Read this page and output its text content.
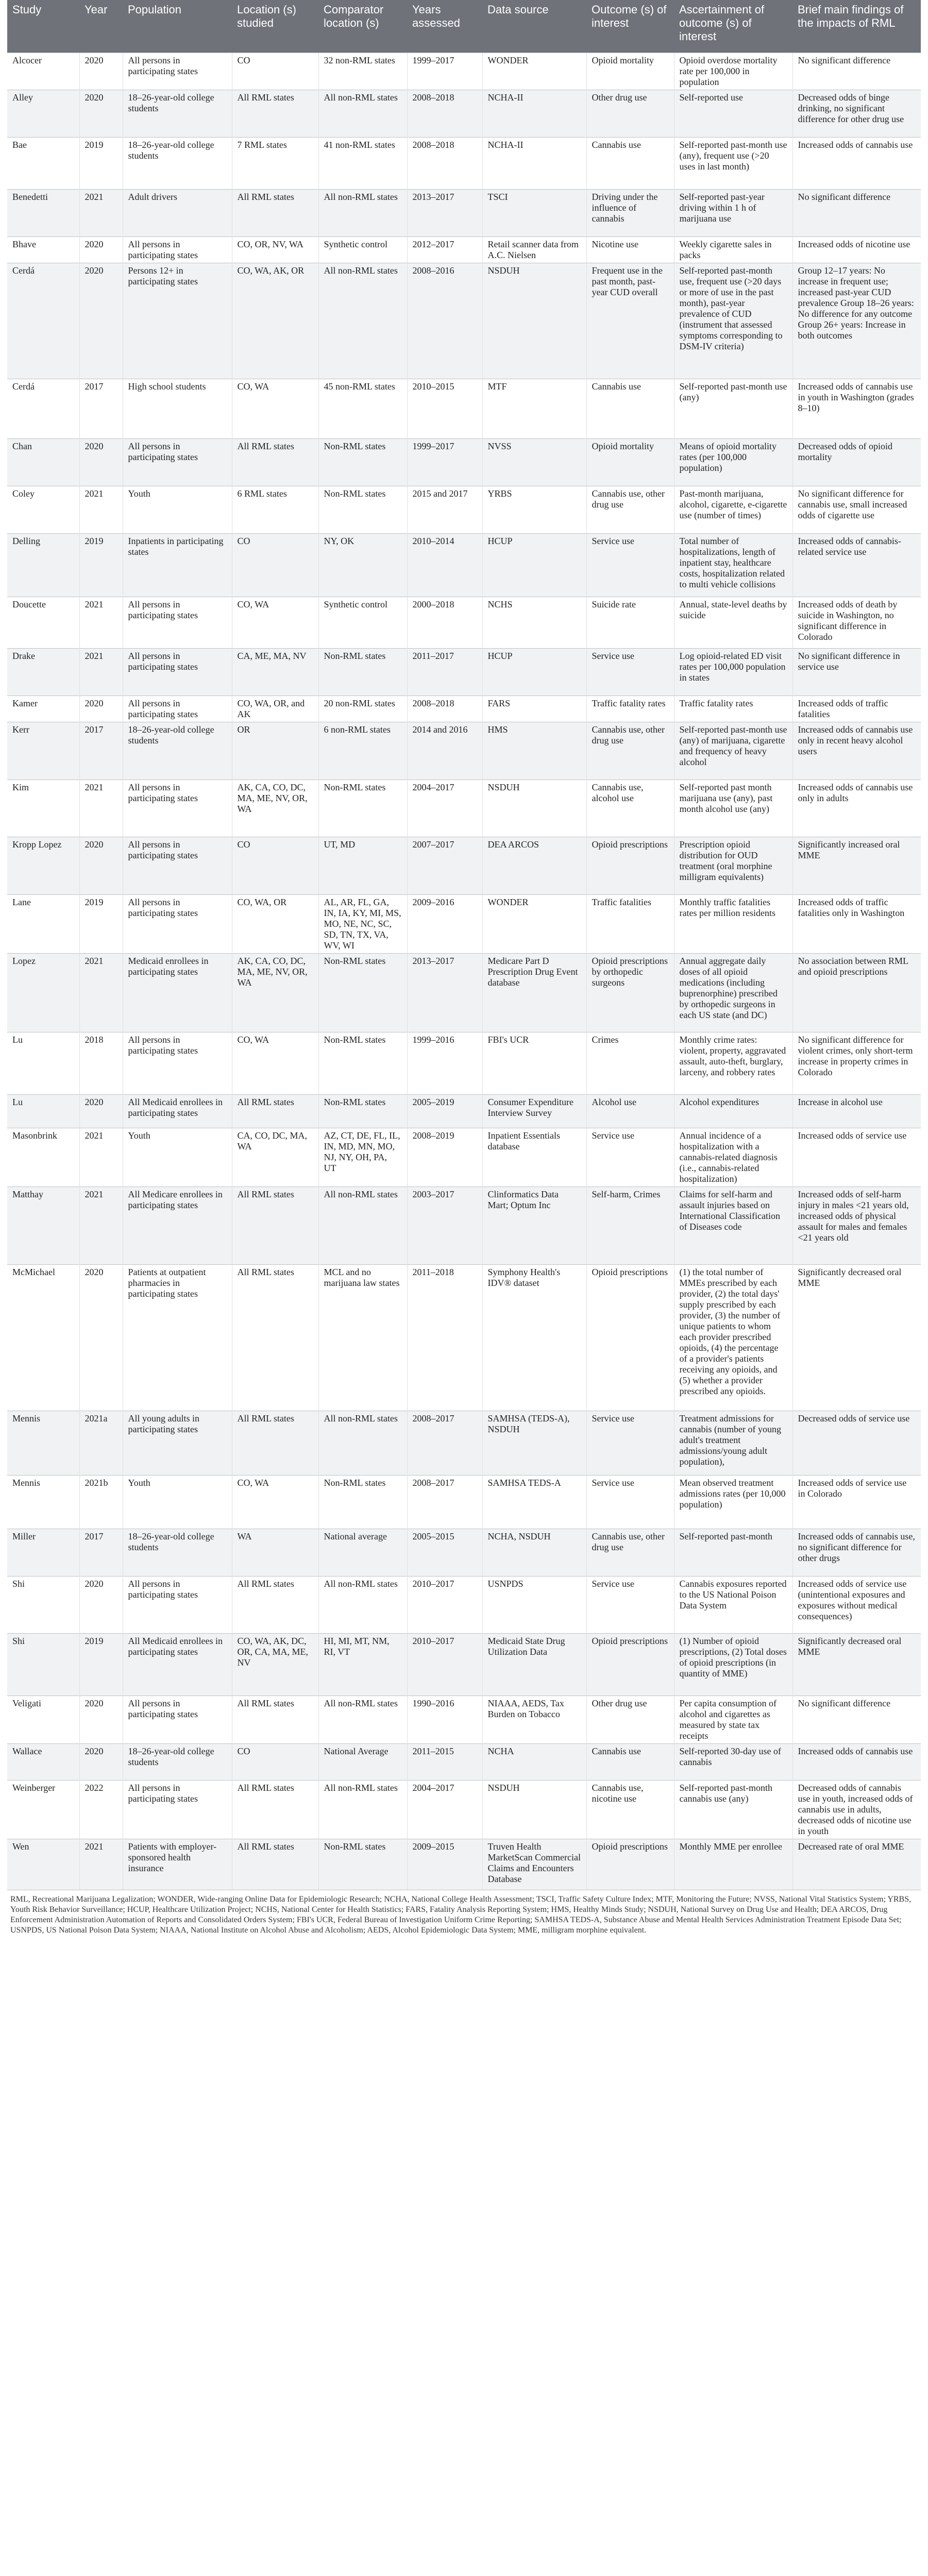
Study	Year	Population	Location (s) studied	Comparator location (s)	Years assessed	Data source	Outcome (s) of interest	Ascertainment of outcome (s) of interest	Brief main findings of the impacts of RML
Alcocer	2020	All persons in participating states	CO	32 non-RML states	1999–2017	WONDER	Opioid mortality	Opioid overdose mortality rate per 100,000 in population	No significant difference
Alley	2020	18–26-year-old college students	All RML states	All non-RML states	2008–2018	NCHA-II	Other drug use	Self-reported use	Decreased odds of binge drinking, no significant difference for other drug use
Bae	2019	18–26-year-old college students	7 RML states	41 non-RML states	2008–2018	NCHA-II	Cannabis use	Self-reported past-month use (any), frequent use (>20 uses in last month)	Increased odds of cannabis use
Benedetti	2021	Adult drivers	All RML states	All non-RML states	2013–2017	TSCI	Driving under the influence of cannabis	Self-reported past-year driving within 1 h of marijuana use	No significant difference
Bhave	2020	All persons in participating states	CO, OR, NV, WA	Synthetic control	2012–2017	Retail scanner data from A.C. Nielsen	Nicotine use	Weekly cigarette sales in packs	Increased odds of nicotine use
Cerdá	2020	Persons 12+ in participating states	CO, WA, AK, OR	All non-RML states	2008–2016	NSDUH	Frequent use in the past month, past-year CUD overall	Self-reported past-month use, frequent use (>20 days or more of use in the past month), past-year prevalence of CUD (instrument that assessed symptoms corresponding to DSM-IV criteria)	Group 12–17 years: No increase in frequent use; increased past-year CUD prevalence Group 18–26 years: No difference for any outcome Group 26+ years: Increase in both outcomes
Cerdá	2017	High school students	CO, WA	45 non-RML states	2010–2015	MTF	Cannabis use	Self-reported past-month use (any)	Increased odds of cannabis use in youth in Washington (grades 8–10)
Chan	2020	All persons in participating states	All RML states	Non-RML states	1999–2017	NVSS	Opioid mortality	Means of opioid mortality rates (per 100,000 population)	Decreased odds of opioid mortality
Coley	2021	Youth	6 RML states	Non-RML states	2015 and 2017	YRBS	Cannabis use, other drug use	Past-month marijuana, alcohol, cigarette, e-cigarette use (number of times)	No significant difference for cannabis use, small increased odds of cigarette use
Delling	2019	Inpatients in participating states	CO	NY, OK	2010–2014	HCUP	Service use	Total number of hospitalizations, length of inpatient stay, healthcare costs, hospitalization related to multi vehicle collisions	Increased odds of cannabis-related service use
Doucette	2021	All persons in participating states	CO, WA	Synthetic control	2000–2018	NCHS	Suicide rate	Annual, state-level deaths by suicide	Increased odds of death by suicide in Washington, no significant difference in Colorado
Drake	2021	All persons in participating states	CA, ME, MA, NV	Non-RML states	2011–2017	HCUP	Service use	Log opioid-related ED visit rates per 100,000 population in states	No significant difference in service use
Kamer	2020	All persons in participating states	CO, WA, OR, and AK	20 non-RML states	2008–2018	FARS	Traffic fatality rates	Traffic fatality rates	Increased odds of traffic fatalities
Kerr	2017	18–26-year-old college students	OR	6 non-RML states	2014 and 2016	HMS	Cannabis use, other drug use	Self-reported past-month use (any) of marijuana, cigarette and frequency of heavy alcohol	Increased odds of cannabis use only in recent heavy alcohol users
Kim	2021	All persons in participating states	AK, CA, CO, DC, MA, ME, NV, OR, WA	Non-RML states	2004–2017	NSDUH	Cannabis use, alcohol use	Self-reported past month marijuana use (any), past month alcohol use (any)	Increased odds of cannabis use only in adults
Kropp Lopez	2020	All persons in participating states	CO	UT, MD	2007–2017	DEA ARCOS	Opioid prescriptions	Prescription opioid distribution for OUD treatment (oral morphine milligram equivalents)	Significantly increased oral MME
Lane	2019	All persons in participating states	CO, WA, OR	AL, AR, FL, GA, IN, IA, KY, MI, MS, MO, NE, NC, SC, SD, TN, TX, VA, WV, WI	2009–2016	WONDER	Traffic fatalities	Monthly traffic fatalities rates per million residents	Increased odds of traffic fatalities only in Washington
Lopez	2021	Medicaid enrollees in participating states	AK, CA, CO, DC, MA, ME, NV, OR, WA	Non-RML states	2013–2017	Medicare Part D Prescription Drug Event database	Opioid prescriptions by orthopedic surgeons	Annual aggregate daily doses of all opioid medications (including buprenorphine) prescribed by orthopedic surgeons in each US state (and DC)	No association between RML and opioid prescriptions
Lu	2018	All persons in participating states	CO, WA	Non-RML states	1999–2016	FBI's UCR	Crimes	Monthly crime rates: violent, property, aggravated assault, auto-theft, burglary, larceny, and robbery rates	No significant difference for violent crimes, only short-term increase in property crimes in Colorado
Lu	2020	All Medicaid enrollees in participating states	All RML states	Non-RML states	2005–2019	Consumer Expenditure Interview Survey	Alcohol use	Alcohol expenditures	Increase in alcohol use
Masonbrink	2021	Youth	CA, CO, DC, MA, WA	AZ, CT, DE, FL, IL, IN, MD, MN, MO, NJ, NY, OH, PA, UT	2008–2019	Inpatient Essentials database	Service use	Annual incidence of a hospitalization with a cannabis-related diagnosis (i.e., cannabis-related hospitalization)	Increased odds of service use
Matthay	2021	All Medicare enrollees in participating states	All RML states	All non-RML states	2003–2017	Clinformatics Data Mart; Optum Inc	Self-harm, Crimes	Claims for self-harm and assault injuries based on International Classification of Diseases code	Increased odds of self-harm injury in males <21 years old, increased odds of physical assault for males and females <21 years old
McMichael	2020	Patients at outpatient pharmacies in participating states	All RML states	MCL and no marijuana law states	2011–2018	Symphony Health's IDV® dataset	Opioid prescriptions	(1) the total number of MMEs prescribed by each provider, (2) the total days' supply prescribed by each provider, (3) the number of unique patients to whom each provider prescribed opioids, (4) the percentage of a provider's patients receiving any opioids, and (5) whether a provider prescribed any opioids.	Significantly decreased oral MME
Mennis	2021a	All young adults in participating states	All RML states	All non-RML states	2008–2017	SAMHSA (TEDS-A), NSDUH	Service use	Treatment admissions for cannabis (number of young adult's treatment admissions/young adult population),	Decreased odds of service use
Mennis	2021b	Youth	CO, WA	Non-RML states	2008–2017	SAMHSA TEDS-A	Service use	Mean observed treatment admissions rates (per 10,000 population)	Increased odds of service use in Colorado
Miller	2017	18–26-year-old college students	WA	National average	2005–2015	NCHA, NSDUH	Cannabis use, other drug use	Self-reported past-month	Increased odds of cannabis use, no significant difference for other drugs
Shi	2020	All persons in participating states	All RML states	All non-RML states	2010–2017	USNPDS	Service use	Cannabis exposures reported to the US National Poison Data System	Increased odds of service use (unintentional exposures and exposures without medical consequences)
Shi	2019	All Medicaid enrollees in participating states	CO, WA, AK, DC, OR, CA, MA, ME, NV	HI, MI, MT, NM, RI, VT	2010–2017	Medicaid State Drug Utilization Data	Opioid prescriptions	(1) Number of opioid prescriptions, (2) Total doses of opioid prescriptions (in quantity of MME)	Significantly decreased oral MME
Veligati	2020	All persons in participating states	All RML states	All non-RML states	1990–2016	NIAAA, AEDS, Tax Burden on Tobacco	Other drug use	Per capita consumption of alcohol and cigarettes as measured by state tax receipts	No significant difference
Wallace	2020	18–26-year-old college students	CO	National Average	2011–2015	NCHA	Cannabis use	Self-reported 30-day use of cannabis	Increased odds of cannabis use
Weinberger	2022	All persons in participating states	All RML states	All non-RML states	2004–2017	NSDUH	Cannabis use, nicotine use	Self-reported past-month cannabis use (any)	Decreased odds of cannabis use in youth, increased odds of cannabis use in adults, decreased odds of nicotine use in youth
Wen	2021	Patients with employer-sponsored health insurance	All RML states	Non-RML states	2009–2015	Truven Health MarketScan Commercial Claims and Encounters Database	Opioid prescriptions	Monthly MME per enrollee	Decreased rate of oral MME

RML, Recreational Marijuana Legalization; WONDER, Wide-ranging Online Data for Epidemiologic Research; NCHA, National College Health Assessment; TSCI, Traffic Safety Culture Index; MTF, Monitoring the Future; NVSS, National Vital Statistics System; YRBS, Youth Risk Behavior Surveillance; HCUP, Healthcare Utilization Project; NCHS, National Center for Health Statistics; FARS, Fatality Analysis Reporting System; HMS, Healthy Minds Study; NSDUH, National Survey on Drug Use and Health; DEA ARCOS, Drug Enforcement Administration Automation of Reports and Consolidated Orders System; FBI's UCR, Federal Bureau of Investigation Uniform Crime Reporting; SAMHSA TEDS-A, Substance Abuse and Mental Health Services Administration Treatment Episode Data Set; USNPDS, US National Poison Data System; NIAAA, National Institute on Alcohol Abuse and Alcoholism; AEDS, Alcohol Epidemiologic Data System; MME, milligram morphine equivalent.
